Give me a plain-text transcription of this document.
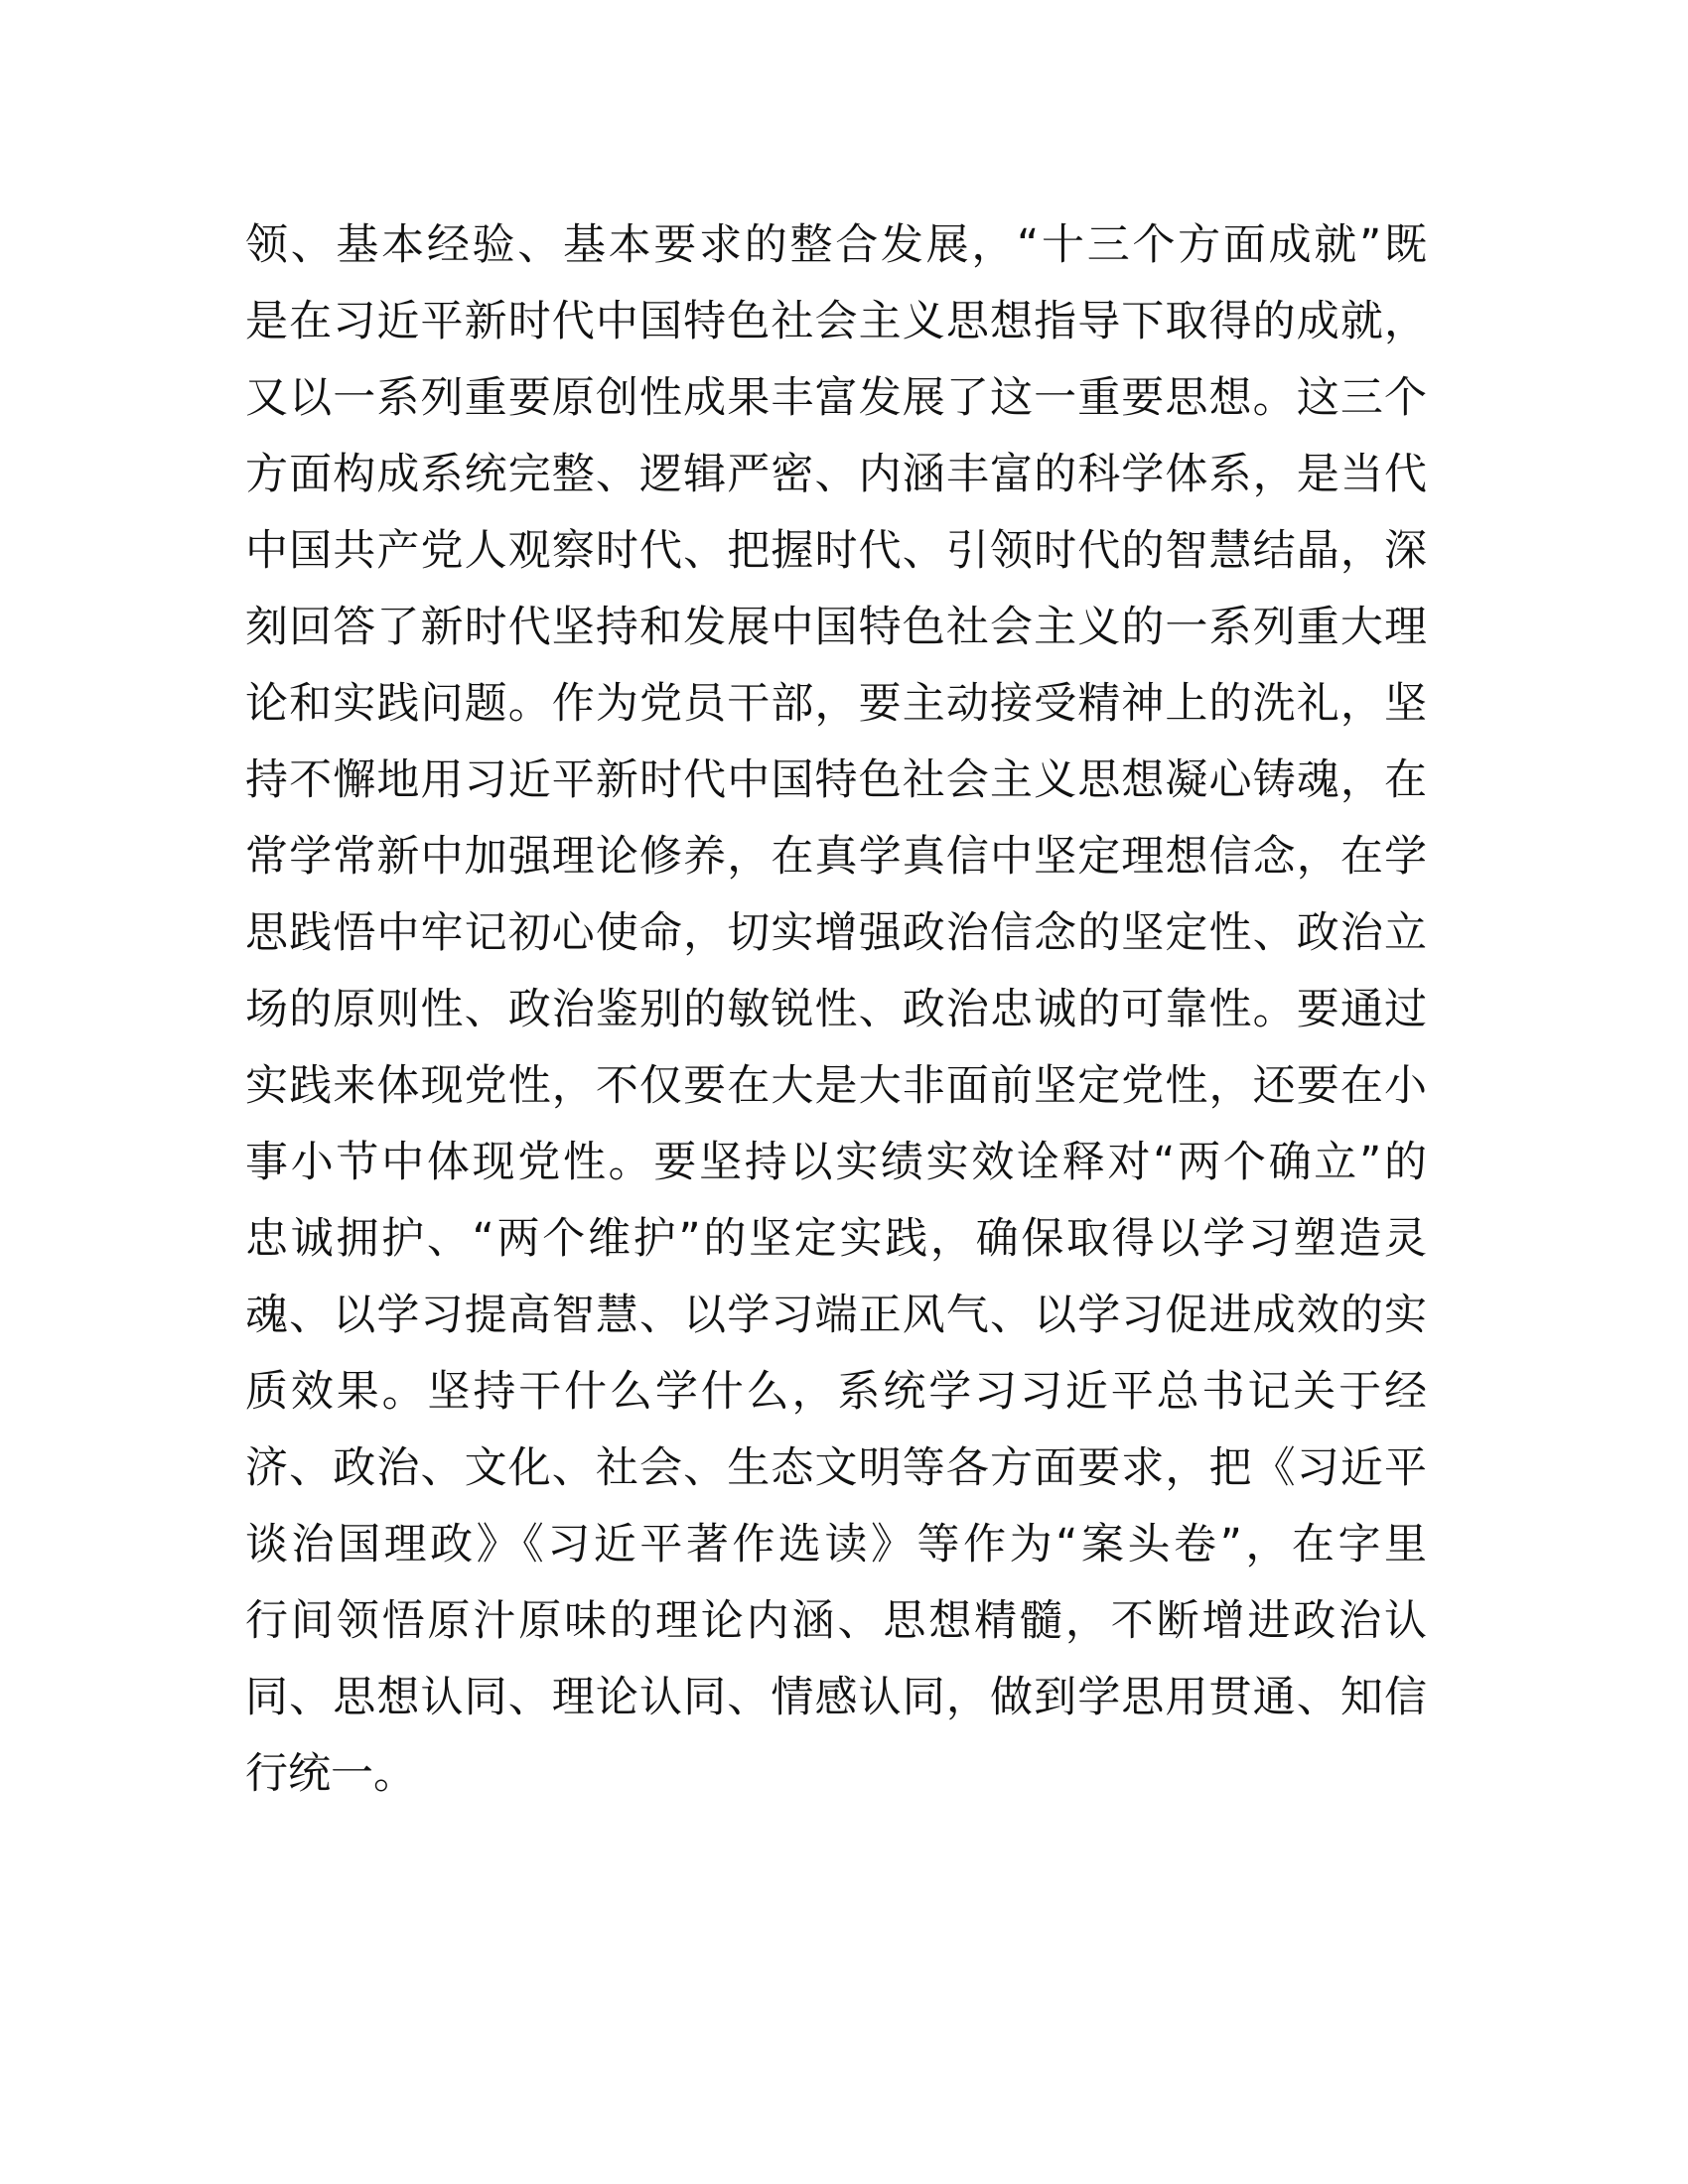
领、基本经验、基本要求的整合发展，“十三个方面成就”既
是在习近平新时代中国特色社会主义思想指导下取得的成就，
又以一系列重要原创性成果丰富发展了这一重要思想。这三个
方面构成系统完整、逻辑严密、内涵丰富的科学体系，是当代
中国共产党人观察时代、把握时代、引领时代的智慧结晶，深
刻回答了新时代坚持和发展中国特色社会主义的一系列重大理
论和实践问题。作为党员干部，要主动接受精神上的洗礼，坚
持不懈地用习近平新时代中国特色社会主义思想凝心铸魂，在
常学常新中加强理论修养，在真学真信中坚定理想信念，在学
思践悟中牢记初心使命，切实增强政治信念的坚定性、政治立
场的原则性、政治鉴别的敏锐性、政治忠诚的可靠性。要通过
实践来体现党性，不仅要在大是大非面前坚定党性，还要在小
事小节中体现党性。要坚持以实绩实效诠释对“两个确立”的
忠诚拥护、“两个维护”的坚定实践，确保取得以学习塑造灵
魂、以学习提高智慧、以学习端正风气、以学习促进成效的实
质效果。坚持干什么学什么，系统学习习近平总书记关于经
济、政治、文化、社会、生态文明等各方面要求，把《习近平
谈治国理政》《习近平著作选读》等作为“案头卷”，在字里
行间领悟原汁原味的理论内涵、思想精髓，不断增进政治认
同、思想认同、理论认同、情感认同，做到学思用贯通、知信
行统一。
